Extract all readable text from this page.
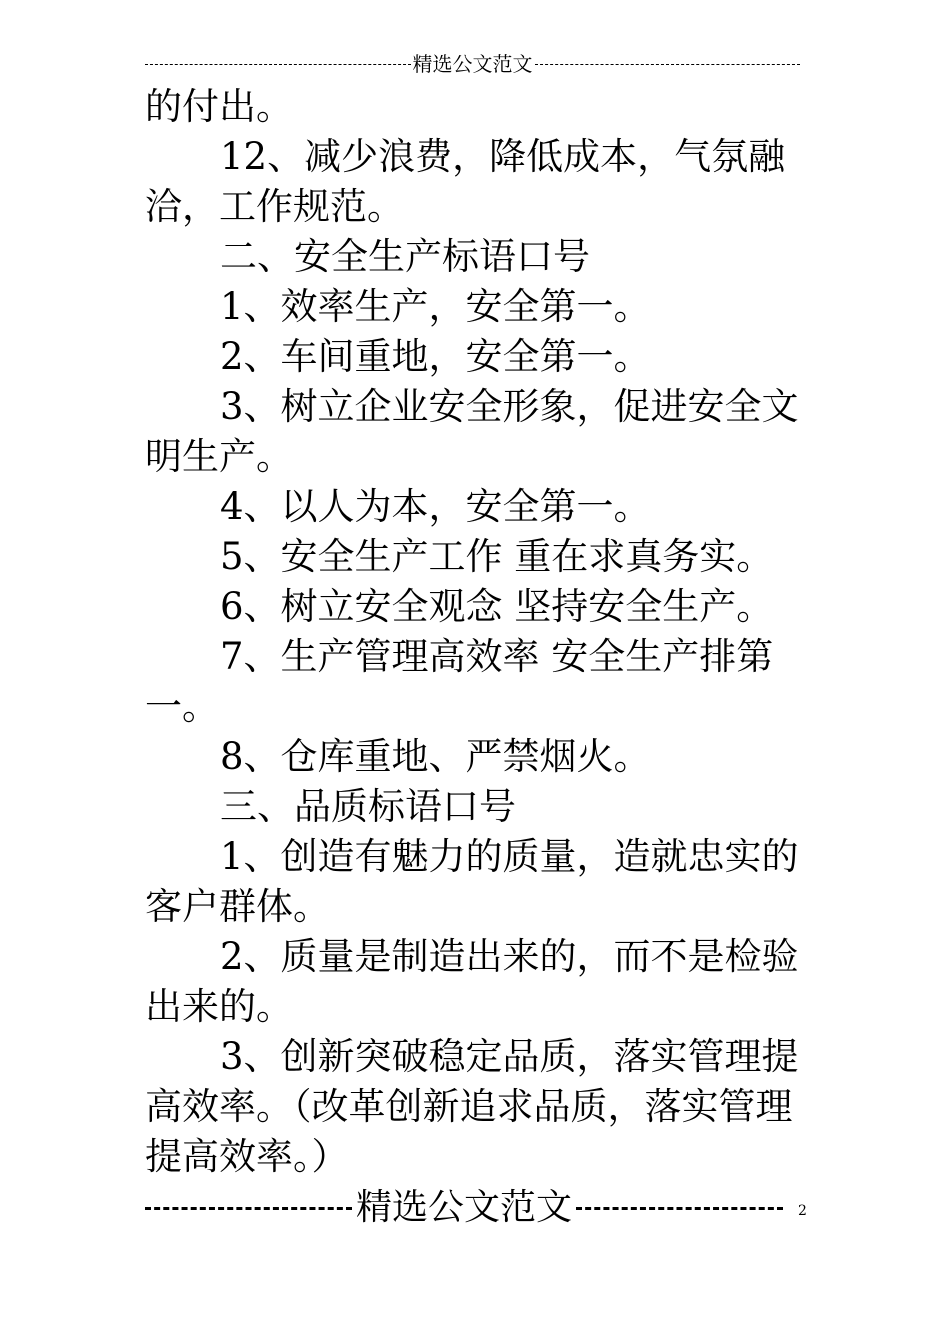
精选公文范文
的付出。
12、减少浪费，降低成本，气氛融
洽，工作规范。
二、安全生产标语口号
1、效率生产，安全第一。
2、车间重地，安全第一。
3、树立企业安全形象，促进安全文
明生产。
4、以人为本，安全第一。
5、安全生产工作 重在求真务实。
6、树立安全观念 坚持安全生产。
7、生产管理高效率 安全生产排第
一。
8、仓库重地、严禁烟火。
三、品质标语口号
1、创造有魅力的质量，造就忠实的
客户群体。
2、质量是制造出来的，而不是检验
出来的。
3、创新突破稳定品质，落实管理提
高效率。（改革创新追求品质，落实管理
提高效率。）
精选公文范文	2
